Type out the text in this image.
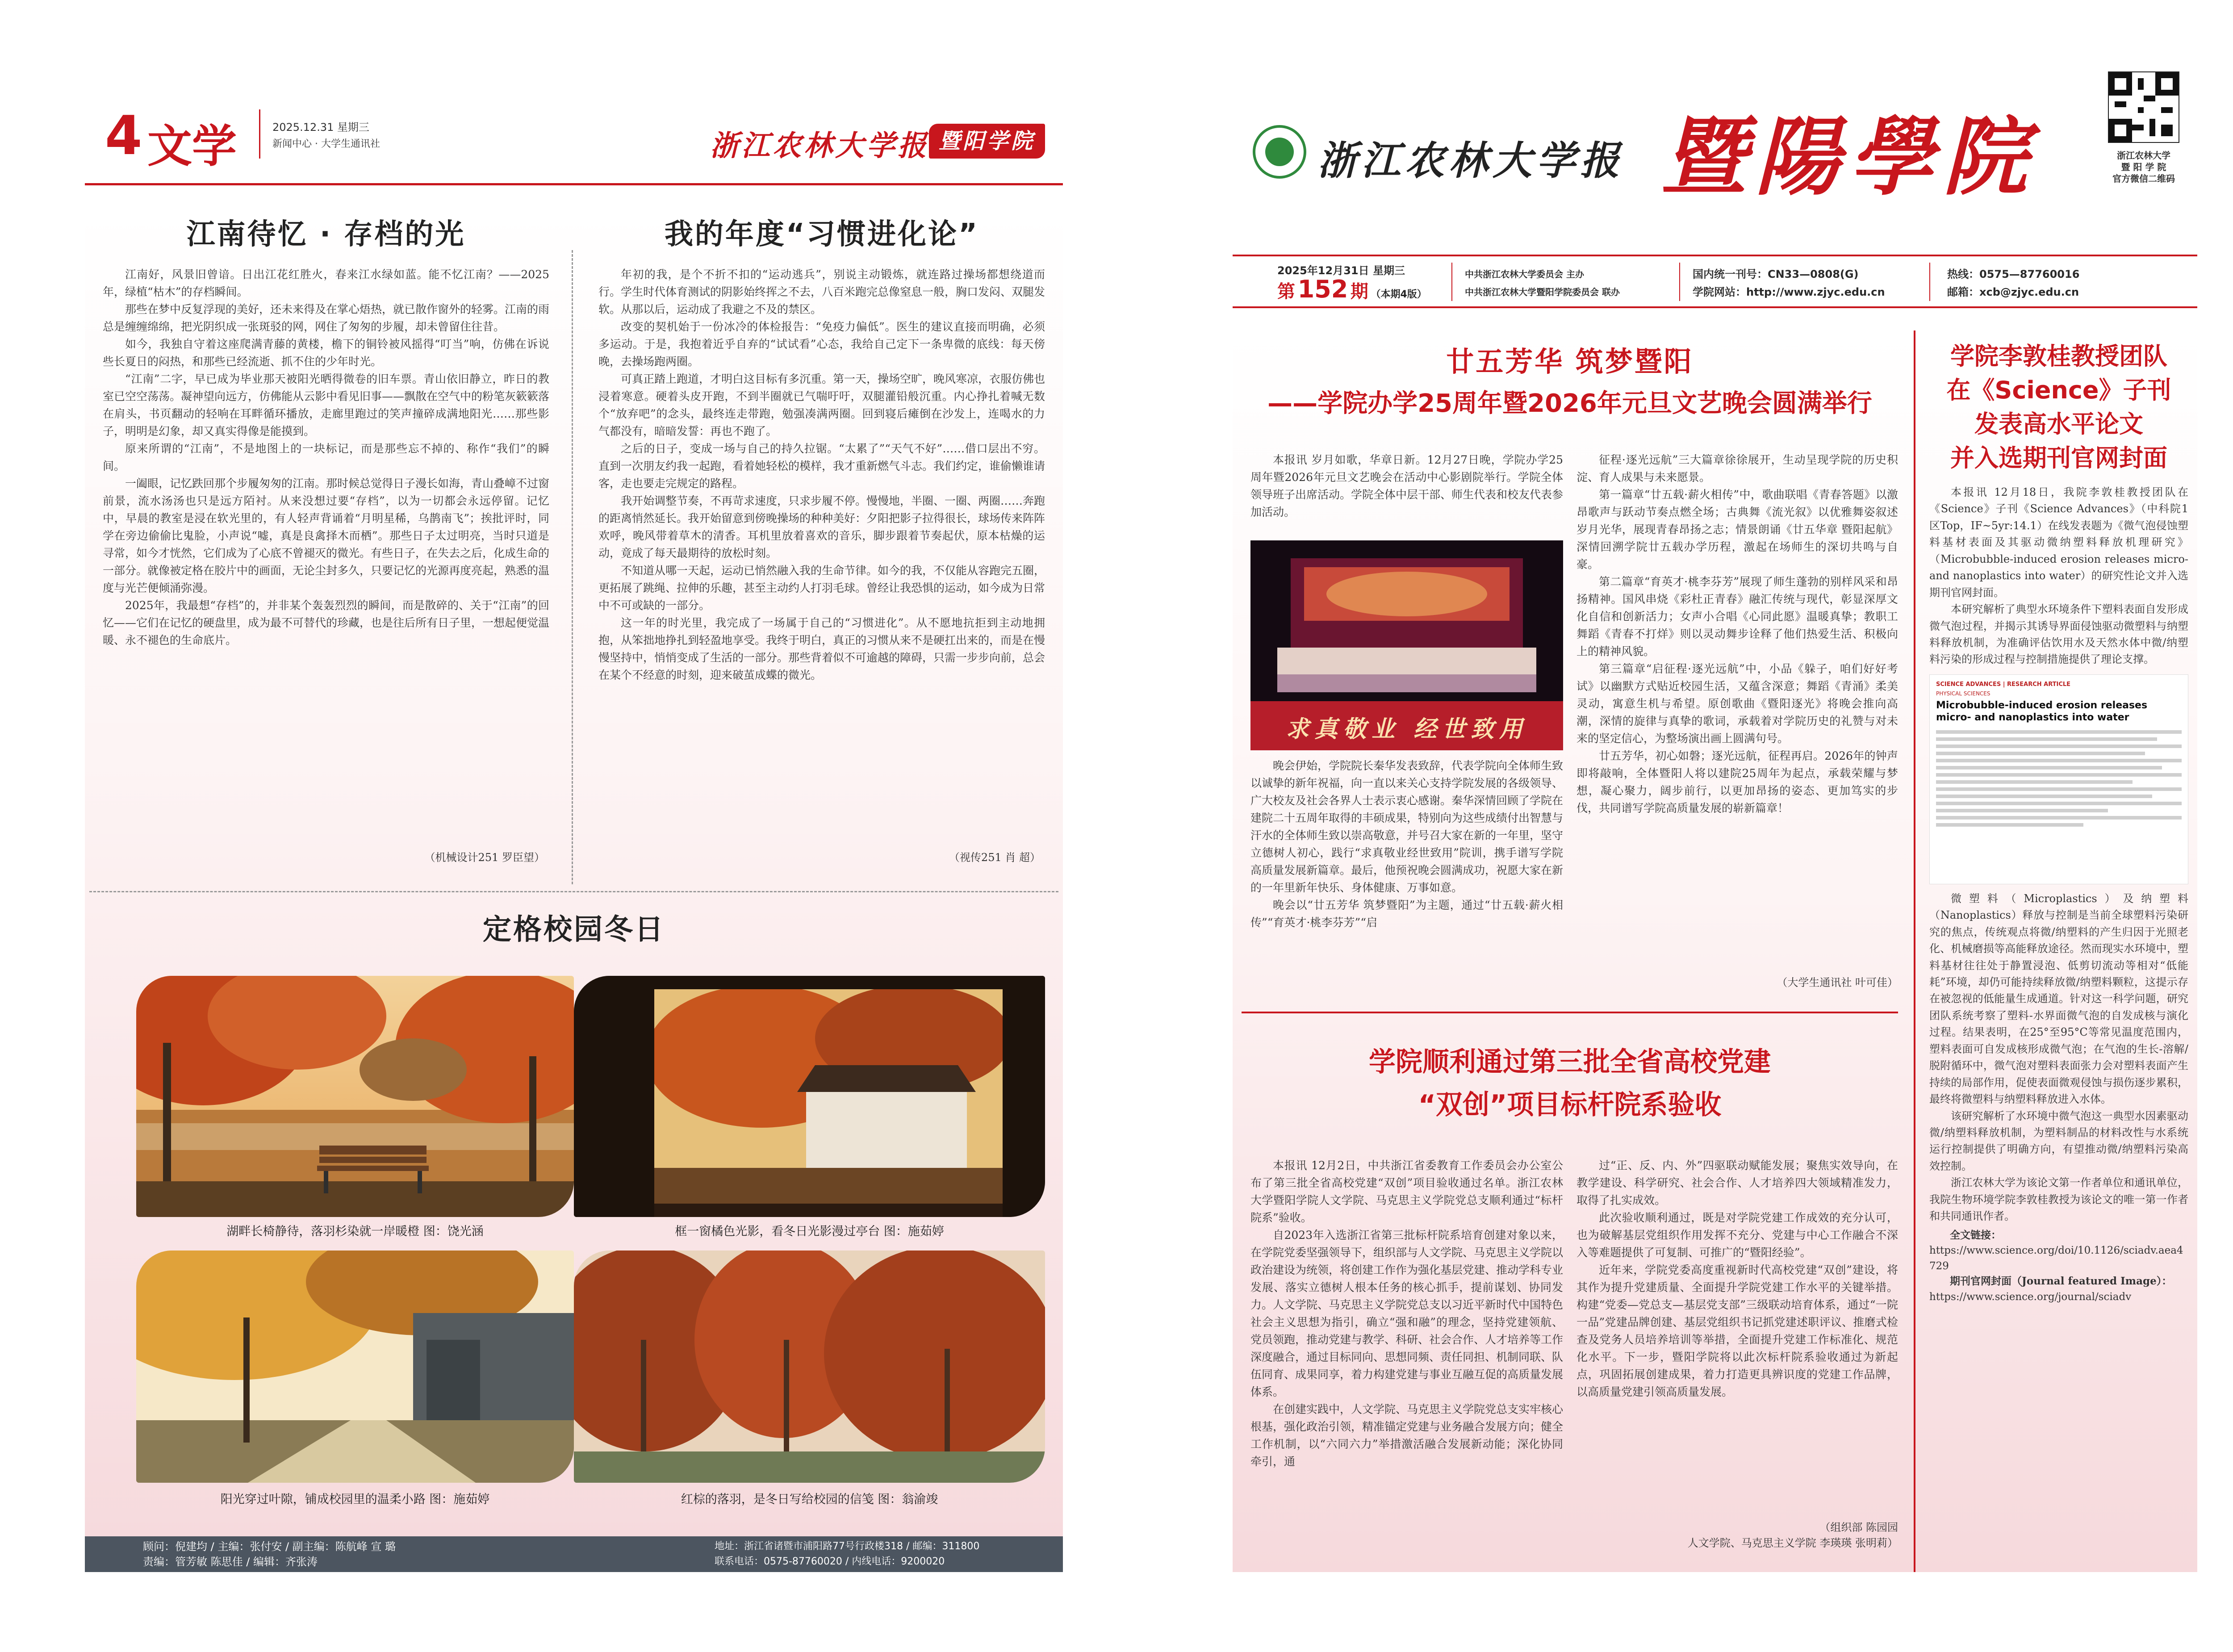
4 文学	2025.12.31 星期三
新闻中心 · 大学生通讯社	浙江农林大学报 暨阳学院
江南待忆 · 存档的光

江南好，风景旧曾谙。日出江花红胜火，春来江水绿如蓝。能不忆江南？——2025年，绿植“枯木”的存档瞬间。

那些在梦中反复浮现的美好，还未来得及在掌心焐热，就已散作窗外的轻雾。江南的雨总是缠缠绵绵，把光阴织成一张斑驳的网，网住了匆匆的步履，却未曾留住往昔。

如今，我独自守着这座爬满青藤的黄楼，檐下的铜铃被风摇得“叮当”响，仿佛在诉说些长夏日的闷热，和那些已经流逝、抓不住的少年时光。

“江南”二字，早已成为毕业那天被阳光晒得微卷的旧车票。青山依旧静立，昨日的教室已空空荡荡。凝神望向远方，仿佛能从云影中看见旧事——飘散在空气中的粉笔灰簌簌落在肩头，书页翻动的轻响在耳畔循环播放，走廊里跑过的笑声撞碎成满地阳光……那些影子，明明是幻象，却又真实得像是能摸到。

原来所谓的“江南”，不是地图上的一块标记，而是那些忘不掉的、称作“我们”的瞬间。

一阖眼，记忆跌回那个步履匆匆的江南。那时候总觉得日子漫长如海，青山叠嶂不过窗前景，流水汤汤也只是远方陌衬。从来没想过要“存档”，以为一切都会永远停留。记忆中，早晨的教室是浸在软光里的，有人轻声背诵着“月明星稀，乌鹊南飞”；挨批评时，同学在旁边偷偷比鬼脸，小声说“嘘，真是良禽择木而栖”。那些日子太过明亮，当时只道是寻常，如今才恍然，它们成为了心底不曾褪灭的微光。有些日子，在失去之后，化成生命的一部分。就像被定格在胶片中的画面，无论尘封多久，只要记忆的光源再度亮起，熟悉的温度与光芒便倾涌弥漫。

2025年，我最想“存档”的，并非某个轰轰烈烈的瞬间，而是散碎的、关于“江南”的回忆——它们在记忆的硬盘里，成为最不可替代的珍藏，也是往后所有日子里，一想起便觉温暖、永不褪色的生命底片。

（机械设计251 罗臣望）
我的年度“习惯进化论”

年初的我，是个不折不扣的“运动逃兵”，别说主动锻炼，就连路过操场都想绕道而行。学生时代体育测试的阴影始终挥之不去，八百米跑完总像窒息一般，胸口发闷、双腿发软。从那以后，运动成了我避之不及的禁区。

改变的契机始于一份冰冷的体检报告：“免疫力偏低”。医生的建议直接而明确，必须多运动。于是，我抱着近乎自弃的“试试看”心态，我给自己定下一条卑微的底线：每天傍晚，去操场跑两圈。

可真正踏上跑道，才明白这目标有多沉重。第一天，操场空旷，晚风寒凉，衣服仿佛也浸着寒意。硬着头皮开跑，不到半圈就已气喘吁吁，双腿灌铅般沉重。内心挣扎着喊无数个“放弃吧”的念头，最终连走带跑，勉强凑满两圈。回到寝后瘫倒在沙发上，连喝水的力气都没有，暗暗发誓：再也不跑了。

之后的日子，变成一场与自己的持久拉锯。“太累了”“天气不好”……借口层出不穷。直到一次朋友约我一起跑，看着她轻松的模样，我才重新燃气斗志。我们约定，谁偷懒谁请客，走也要走完规定的路程。

我开始调整节奏，不再苛求速度，只求步履不停。慢慢地，半圈、一圈、两圈……奔跑的距离悄然延长。我开始留意到傍晚操场的种种美好：夕阳把影子拉得很长，球场传来阵阵欢呼，晚风带着草木的清香。耳机里放着喜欢的音乐，脚步跟着节奏起伏，原本枯燥的运动，竟成了每天最期待的放松时刻。

不知道从哪一天起，运动已悄然融入我的生命节律。如今的我，不仅能从容跑完五圈，更拓展了跳绳、拉伸的乐趣，甚至主动约人打羽毛球。曾经让我恐惧的运动，如今成为日常中不可或缺的一部分。

这一年的时光里，我完成了一场属于自己的“习惯进化”。从不愿地抗拒到主动地拥抱，从笨拙地挣扎到轻盈地享受。我终于明白，真正的习惯从来不是硬扛出来的，而是在慢慢坚持中，悄悄变成了生活的一部分。那些背着似不可逾越的障碍，只需一步步向前，总会在某个不经意的时刻，迎来破茧成蝶的微光。

（视传251 肖 超）
定格校园冬日
湖畔长椅静待，落羽杉染就一岸暖橙 图：饶光涵	框一窗橘色光影，看冬日光影漫过亭台 图：施茹婷
阳光穿过叶隙，铺成校园里的温柔小路 图：施茹婷	红棕的落羽，是冬日写给校园的信笺 图：翁渝竣
顾问：倪建均 / 主编：张付安 / 副主编：陈航峰 宣 璐
责编：管芳敏 陈思佳 / 编辑：齐张涛
地址：浙江省诸暨市浦阳路77号行政楼318 / 邮编：311800
联系电话：0575-87760020 / 内线电话：9200020
浙江农林大学报 暨陽學院	浙江农林大学
暨 阳 学 院
官方微信二维码
2025年12月31日 星期三
第 152 期 （本期4版）
中共浙江农林大学委员会 主办
中共浙江农林大学暨阳学院委员会 联办
国内统一刊号：CN33—0808(G)
学院网站：http://www.zjyc.edu.cn
热线：0575—87760016
邮箱：xcb@zjyc.edu.cn
廿五芳华 筑梦暨阳
——学院办学25周年暨2026年元旦文艺晚会圆满举行

本报讯 岁月如歌，华章日新。12月27日晚，学院办学25周年暨2026年元旦文艺晚会在活动中心影剧院举行。学院全体领导班子出席活动。学院全体中层干部、师生代表和校友代表参加活动。

求真敬业 经世致用

晚会伊始，学院院长秦华发表致辞，代表学院向全体师生致以诚挚的新年祝福，向一直以来关心支持学院发展的各级领导、广大校友及社会各界人士表示衷心感谢。秦华深情回顾了学院在建院二十五周年取得的丰硕成果，特别向为这些成绩付出智慧与汗水的全体师生致以崇高敬意，并号召大家在新的一年里，坚守立德树人初心，践行“求真敬业经世致用”院训，携手谱写学院高质量发展新篇章。最后，他预祝晚会圆满成功，祝愿大家在新的一年里新年快乐、身体健康、万事如意。

晚会以“廿五芳华 筑梦暨阳”为主题，通过“廿五载·薪火相传”“育英才·桃李芬芳”“启

征程·逐光远航”三大篇章徐徐展开，生动呈现学院的历史积淀、育人成果与未来愿景。

第一篇章“廿五载·薪火相传”中，歌曲联唱《青春答题》以激昂歌声与跃动节奏点燃全场；古典舞《流光叙》以优雅舞姿叙述岁月光华，展现青春昂扬之志；情景朗诵《廿五华章 暨阳起航》深情回溯学院廿五载办学历程，激起在场师生的深切共鸣与自豪。

第二篇章“育英才·桃李芬芳”展现了师生蓬勃的别样风采和昂扬精神。国风串烧《彩杜正青春》融汇传统与现代，彰显深厚文化自信和创新活力；女声小合唱《心同此愿》温暖真挚；教职工舞蹈《青春不打烊》则以灵动舞步诠释了他们热爱生活、积极向上的精神风貌。

第三篇章“启征程·逐光远航”中，小品《躲子，咱们好好考试》以幽默方式贴近校园生活，又蕴含深意；舞蹈《青涌》柔美灵动，寓意生机与希望。原创歌曲《暨阳逐光》将晚会推向高潮，深情的旋律与真挚的歌词，承载着对学院历史的礼赞与对未来的坚定信心，为整场演出画上圆满句号。

廿五芳华，初心如磐；逐光远航，征程再启。2026年的钟声即将敲响，全体暨阳人将以建院25周年为起点，承载荣耀与梦想，凝心聚力，阔步前行，以更加昂扬的姿态、更加笃实的步伐，共同谱写学院高质量发展的崭新篇章！

（大学生通讯社 叶可佳）
学院顺利通过第三批全省高校党建
“双创”项目标杆院系验收

本报讯 12月2日，中共浙江省委教育工作委员会办公室公布了第三批全省高校党建“双创”项目验收通过名单。浙江农林大学暨阳学院人文学院、马克思主义学院党总支顺利通过“标杆院系”验收。

自2023年入选浙江省第三批标杆院系培育创建对象以来，在学院党委坚强领导下，组织部与人文学院、马克思主义学院以政治建设为统领，将创建工作作为强化基层党建、推动学科专业发展、落实立德树人根本任务的核心抓手，提前谋划、协同发力。人文学院、马克思主义学院党总支以习近平新时代中国特色社会主义思想为指引，确立“强和融”的理念，坚持党建领航、党员领跑，推动党建与教学、科研、社会合作、人才培养等工作深度融合，通过目标同向、思想同频、责任同担、机制同联、队伍同育、成果同享，着力构建党建与事业互融互促的高质量发展体系。

在创建实践中，人文学院、马克思主义学院党总支实牢核心根基，强化政治引领，精准锚定党建与业务融合发展方向；健全工作机制，以“六同六力”举措激活融合发展新动能；深化协同牵引，通

过“正、反、内、外”四驱联动赋能发展；聚焦实效导向，在教学建设、科学研究、社会合作、人才培养四大领域精准发力，取得了扎实成效。

此次验收顺利通过，既是对学院党建工作成效的充分认可，也为破解基层党组织作用发挥不充分、党建与中心工作融合不深入等难题提供了可复制、可推广的“暨阳经验”。

近年来，学院党委高度重视新时代高校党建“双创”建设，将其作为提升党建质量、全面提升学院党建工作水平的关键举措。构建“党委—党总支—基层党支部”三级联动培育体系，通过“一院一品”党建品牌创建、基层党组织书记抓党建述职评议、推磨式检查及党务人员培养培训等举措，全面提升党建工作标准化、规范化水平。下一步，暨阳学院将以此次标杆院系验收通过为新起点，巩固拓展创建成果，着力打造更具辨识度的党建工作品牌，以高质量党建引领高质量发展。

（组织部 陈园园
人文学院、马克思主义学院 李瑛瑛 张明莉）
学院李敦桂教授团队
在《Science》子刊
发表高水平论文
并入选期刊官网封面

本报讯 12月18日，我院李敦桂教授团队在《Science》子刊《Science Advances》（中科院1区Top，IF~5yr:14.1）在线发表题为《微气泡侵蚀塑料基材表面及其驱动微纳塑料释放机理研究》（Microbubble-induced erosion releases micro- and nanoplastics into water）的研究性论文并入选期刊官网封面。

本研究解析了典型水环境条件下塑料表面自发形成微气泡过程，并揭示其诱导界面侵蚀驱动微塑料与纳塑料释放机制，为准确评估饮用水及天然水体中微/纳塑料污染的形成过程与控制措施提供了理论支撑。

SCIENCE ADVANCES | RESEARCH ARTICLE
PHYSICAL SCIENCES
Microbubble-induced erosion releases micro- and nanoplastics into water

微塑料（Microplastics）及纳塑料（Nanoplastics）释放与控制是当前全球塑料污染研究的焦点，传统观点将微/纳塑料的产生归因于光照老化、机械磨损等高能释放途径。然而现实水环境中，塑料基材往往处于静置浸泡、低剪切流动等相对“低能耗”环境，却仍可能持续释放微/纳塑料颗粒，这提示存在被忽视的低能量生成通道。针对这一科学问题，研究团队系统考察了塑料-水界面微气泡的自发成核与演化过程。结果表明，在25°至95°C等常见温度范围内，塑料表面可自发成核形成微气泡；在气泡的生长-溶解/脱附循环中，微气泡对塑料表面张力会对塑料表面产生持续的局部作用，促使表面微观侵蚀与损伤逐步累积，最终将微塑料与纳塑料释放进入水体。

该研究解析了水环境中微气泡这一典型水因素驱动微/纳塑料释放机制，为塑料制品的材料改性与水系统运行控制提供了明确方向，有望推动微/纳塑料污染高效控制。

浙江农林大学为该论文第一作者单位和通讯单位，我院生物环境学院李敦桂教授为该论文的唯一第一作者和共同通讯作者。

全文链接：
https://www.science.org/doi/10.1126/sciadv.aea4729
期刊官网封面（Journal featured Image）：
https://www.science.org/journal/sciadv
